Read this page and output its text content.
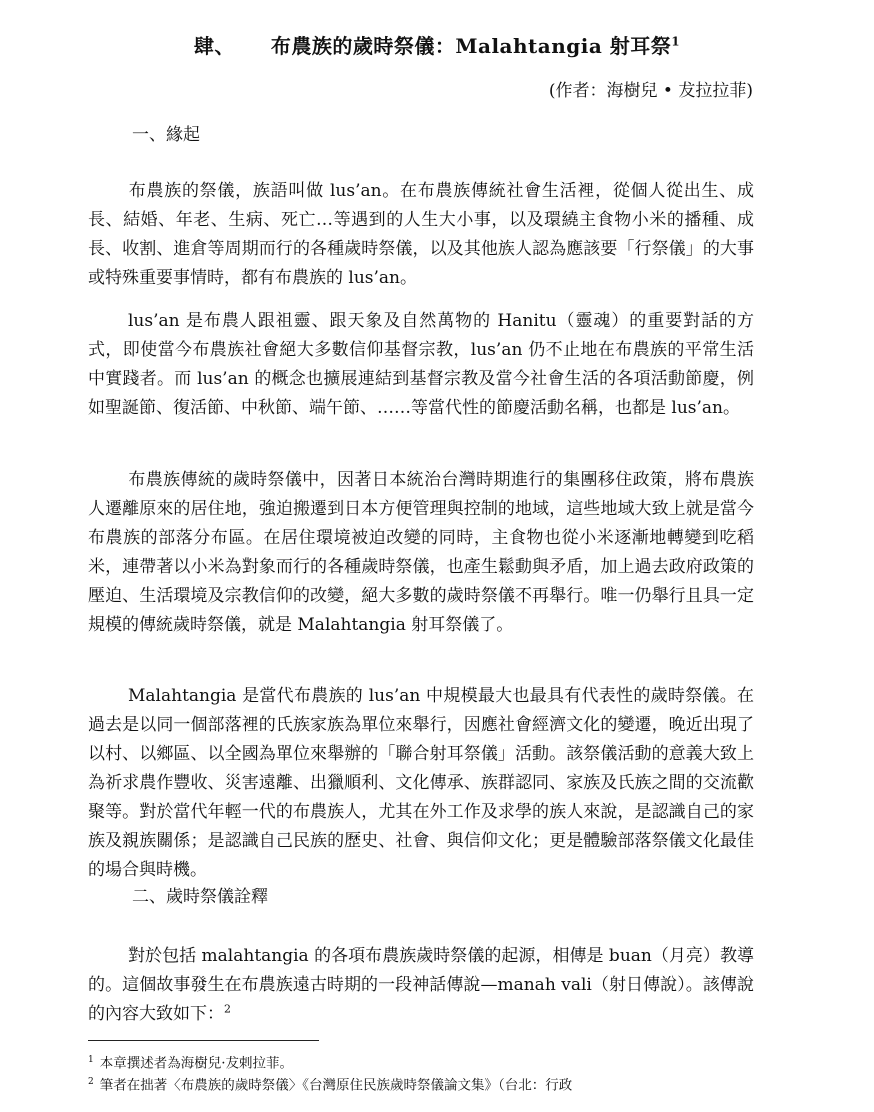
肆、 布農族的歲時祭儀：Malahtangia 射耳祭$^1$
(作者：海樹兒 • 犮拉拉菲)
一、緣起

布農族的祭儀，族語叫做 lus’an。在布農族傳統社會生活裡，從個人從出生、成長、結婚、年老、生病、死亡…等遇到的人生大小事，以及環繞主食物小米的播種、成長、收割、進倉等周期而行的各種歲時祭儀，以及其他族人認為應該要「行祭儀」的大事或特殊重要事情時，都有布農族的 lus’an。

lus’an 是布農人跟祖靈、跟天象及自然萬物的 Hanitu（靈魂）的重要對話的方式，即使當今布農族社會絕大多數信仰基督宗教，lus’an 仍不止地在布農族的平常生活中實踐者。而 lus’an 的概念也擴展連結到基督宗教及當今社會生活的各項活動節慶，例如聖誕節、復活節、中秋節、端午節、……等當代性的節慶活動名稱，也都是 lus’an。

布農族傳統的歲時祭儀中，因著日本統治台灣時期進行的集團移住政策，將布農族人遷離原來的居住地，強迫搬遷到日本方便管理與控制的地域，這些地域大致上就是當今布農族的部落分布區。在居住環境被迫改變的同時，主食物也從小米逐漸地轉變到吃稻米，連帶著以小米為對象而行的各種歲時祭儀，也產生鬆動與矛盾，加上過去政府政策的壓迫、生活環境及宗教信仰的改變，絕大多數的歲時祭儀不再舉行。唯一仍舉行且具一定規模的傳統歲時祭儀，就是 Malahtangia 射耳祭儀了。

Malahtangia 是當代布農族的 lus’an 中規模最大也最具有代表性的歲時祭儀。在過去是以同一個部落裡的氏族家族為單位來舉行，因應社會經濟文化的變遷，晚近出現了以村、以鄉區、以全國為單位來舉辦的「聯合射耳祭儀」活動。該祭儀活動的意義大致上為祈求農作豐收、災害遠離、出獵順利、文化傳承、族群認同、家族及氏族之間的交流歡聚等。對於當代年輕一代的布農族人，尤其在外工作及求學的族人來說，是認識自己的家族及親族關係；是認識自己民族的歷史、社會、與信仰文化；更是體驗部落祭儀文化最佳的場合與時機。

二、歲時祭儀詮釋

對於包括 malahtangia 的各項布農族歲時祭儀的起源，相傳是 buan（月亮）教導的。這個故事發生在布農族遠古時期的一段神話傳說—manah vali（射日傳說）。該傳說的內容大致如下：$^2$

$^1$ 本章撰述者為海樹兒·犮剌拉菲。
$^2$ 筆者在拙著〈布農族的歲時祭儀〉《台灣原住民族歲時祭儀論文集》（台北：行政
